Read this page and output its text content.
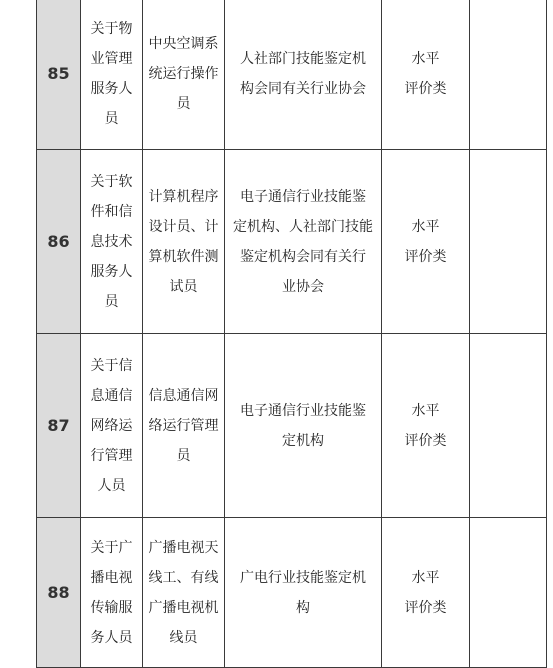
85	关于物
业管理
服务人
员	中央空调系
统运行操作
员	人社部门技能鉴定机
构会同有关行业协会	水平
评价类	
86	关于软
件和信
息技术
服务人
员	计算机程序
设计员、计
算机软件测
试员	电子通信行业技能鉴
定机构、人社部门技能
鉴定机构会同有关行
业协会	水平
评价类	
87	关于信
息通信
网络运
行管理
人员	信息通信网
络运行管理
员	电子通信行业技能鉴
定机构	水平
评价类	
88	关于广
播电视
传输服
务人员	广播电视天
线工、有线
广播电视机
线员	广电行业技能鉴定机
构	水平
评价类	
